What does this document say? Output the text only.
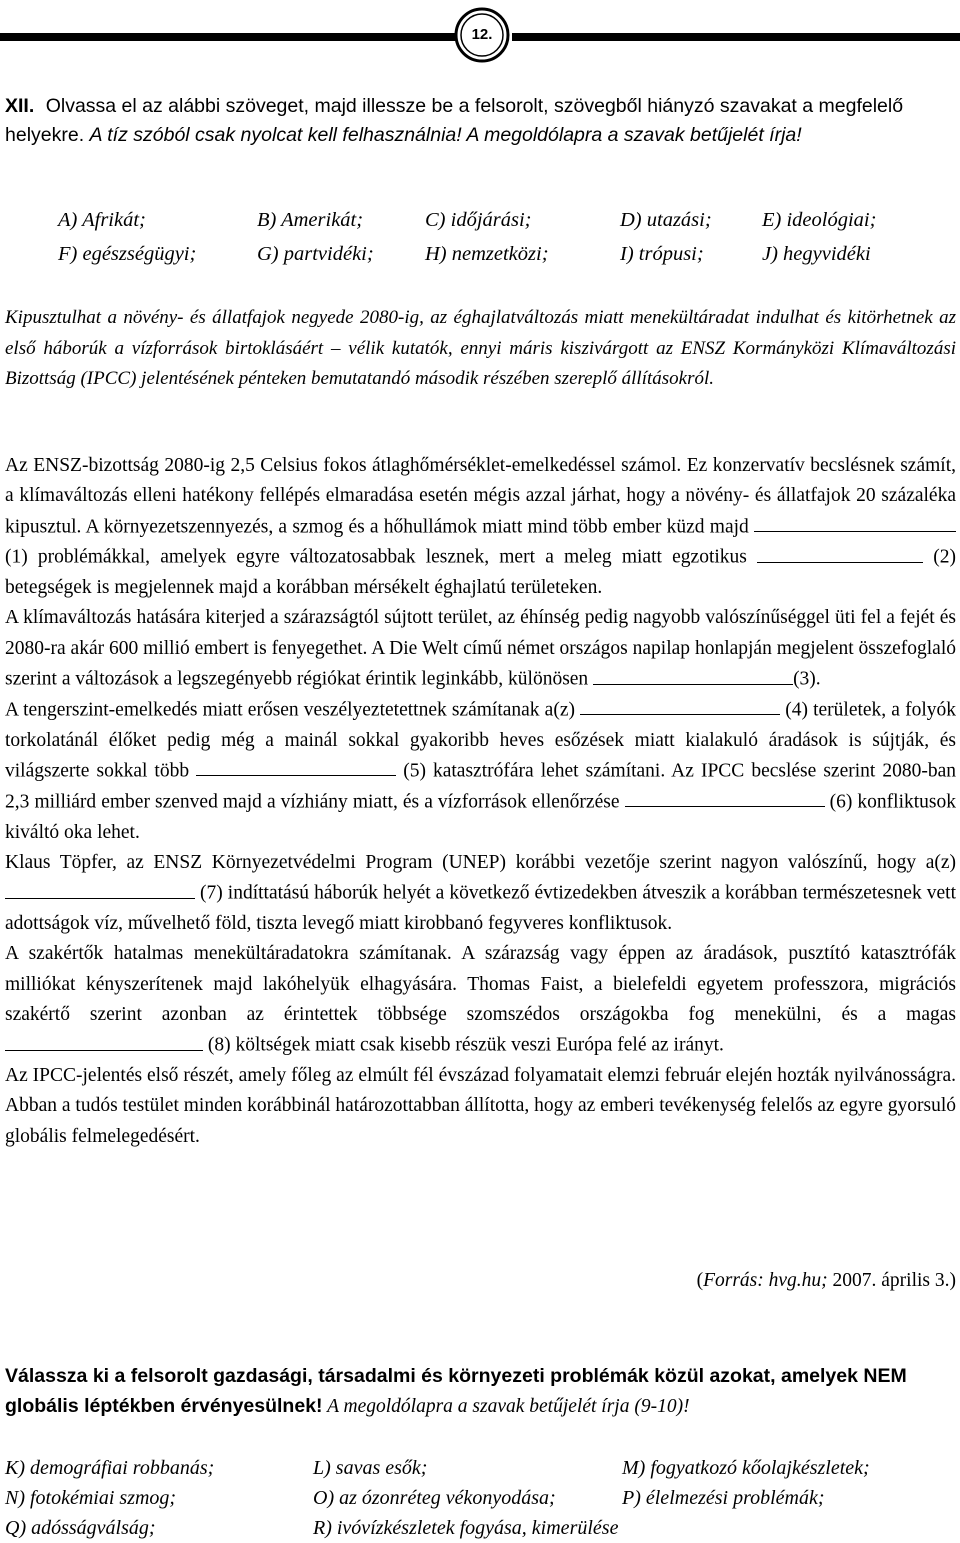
12.
XII. Olvassa el az alábbi szöveget, majd illessze be a felsorolt, szövegből hiányzó szavakat a megfelelő helyekre. A tíz szóból csak nyolcat kell felhasználnia! A megoldólapra a szavak betűjelét írja!
A) Afrikát;	B) Amerikát;	C) időjárási;	D) utazási; E) ideológiai;
F) egészségügyi;	G) partvidéki;	H) nemzetközi;	I) trópusi;	J) hegyvidéki
Kipusztulhat a növény- és állatfajok negyede 2080-ig, az éghajlatváltozás miatt menekültáradat indulhat és kitörhetnek az első háborúk a vízforrások birtoklásáért – vélik kutatók, ennyi máris kiszivárgott az ENSZ Kormányközi Klímaváltozási Bizottság (IPCC) jelentésének pénteken bemutatandó második részében szereplő állításokról.

Az ENSZ-bizottság 2080-ig 2,5 Celsius fokos átlaghőmérséklet-emelkedéssel számol. Ez konzervatív becslésnek számít, a klímaváltozás elleni hatékony fellépés elmaradása esetén mégis azzal járhat, hogy a növény- és állatfajok 20 százaléka kipusztul. A környezetszennyezés, a szmog és a hőhullámok miatt mind több ember küzd majd  (1) problémákkal, amelyek egyre változatosabbak lesznek, mert a meleg miatt egzotikus	(2) betegségek is megjelennek majd a korábban mérsékelt éghajlatú területeken.

A klímaváltozás hatására kiterjed a szárazságtól sújtott terület, az éhínség pedig nagyobb valószínűséggel üti fel a fejét és 2080-ra akár 600 millió embert is fenyegethet. A Die Welt című német országos napilap honlapján megjelent összefoglaló szerint a változások a legszegényebb régiókat érintik leginkább, különösen	(3).

A tengerszint-emelkedés miatt erősen veszélyeztetettnek számítanak a(z)	(4) területek, a folyók torkolatánál élőket pedig még a mainál sokkal gyakoribb heves esőzések miatt kialakuló áradások is sújtják, és világszerte sokkal több	(5) katasztrófára lehet számítani. Az IPCC becslése szerint 2080-ban 2,3 milliárd ember szenved majd a vízhiány miatt, és a vízforrások ellenőrzése	(6) konfliktusok kiváltó oka lehet.

Klaus Töpfer, az ENSZ Környezetvédelmi Program (UNEP) korábbi vezetője szerint nagyon valószínű, hogy a(z)  (7) indíttatású háborúk helyét a következő évtizedekben átveszik a korábban természetesnek vett adottságok víz, művelhető föld, tiszta levegő miatt kirobbanó fegyveres konfliktusok.

A szakértők hatalmas menekültáradatokra számítanak. A szárazság vagy éppen az áradások, pusztító katasztrófák milliókat kényszerítenek majd lakóhelyük elhagyására. Thomas Faist, a bielefeldi egyetem professzora, migrációs szakértő szerint azonban az érintettek többsége szomszédos országokba fog menekülni, és a magas  (8) költségek miatt csak kisebb részük veszi Európa felé az irányt.

Az IPCC-jelentés első részét, amely főleg az elmúlt fél évszázad folyamatait elemzi február elején hozták nyilvánosságra. Abban a tudós testület minden korábbinál határozottabban állította, hogy az emberi tevékenység felelős az egyre gyorsuló globális felmelegedésért.

(Forrás: hvg.hu; 2007. április 3.)
Válassza ki a felsorolt gazdasági, társadalmi és környezeti problémák közül azokat, amelyek NEM globális léptékben érvényesülnek! A megoldólapra a szavak betűjelét írja (9-10)!
K) demográfiai robbanás;	L) savas esők;	M) fogyatkozó kőolajkészletek;
N) fotokémiai szmog;	O) az ózonréteg vékonyodása;	P) élelmezési problémák;
Q) adósságválság;	R) ivóvízkészletek fogyása, kimerülése
